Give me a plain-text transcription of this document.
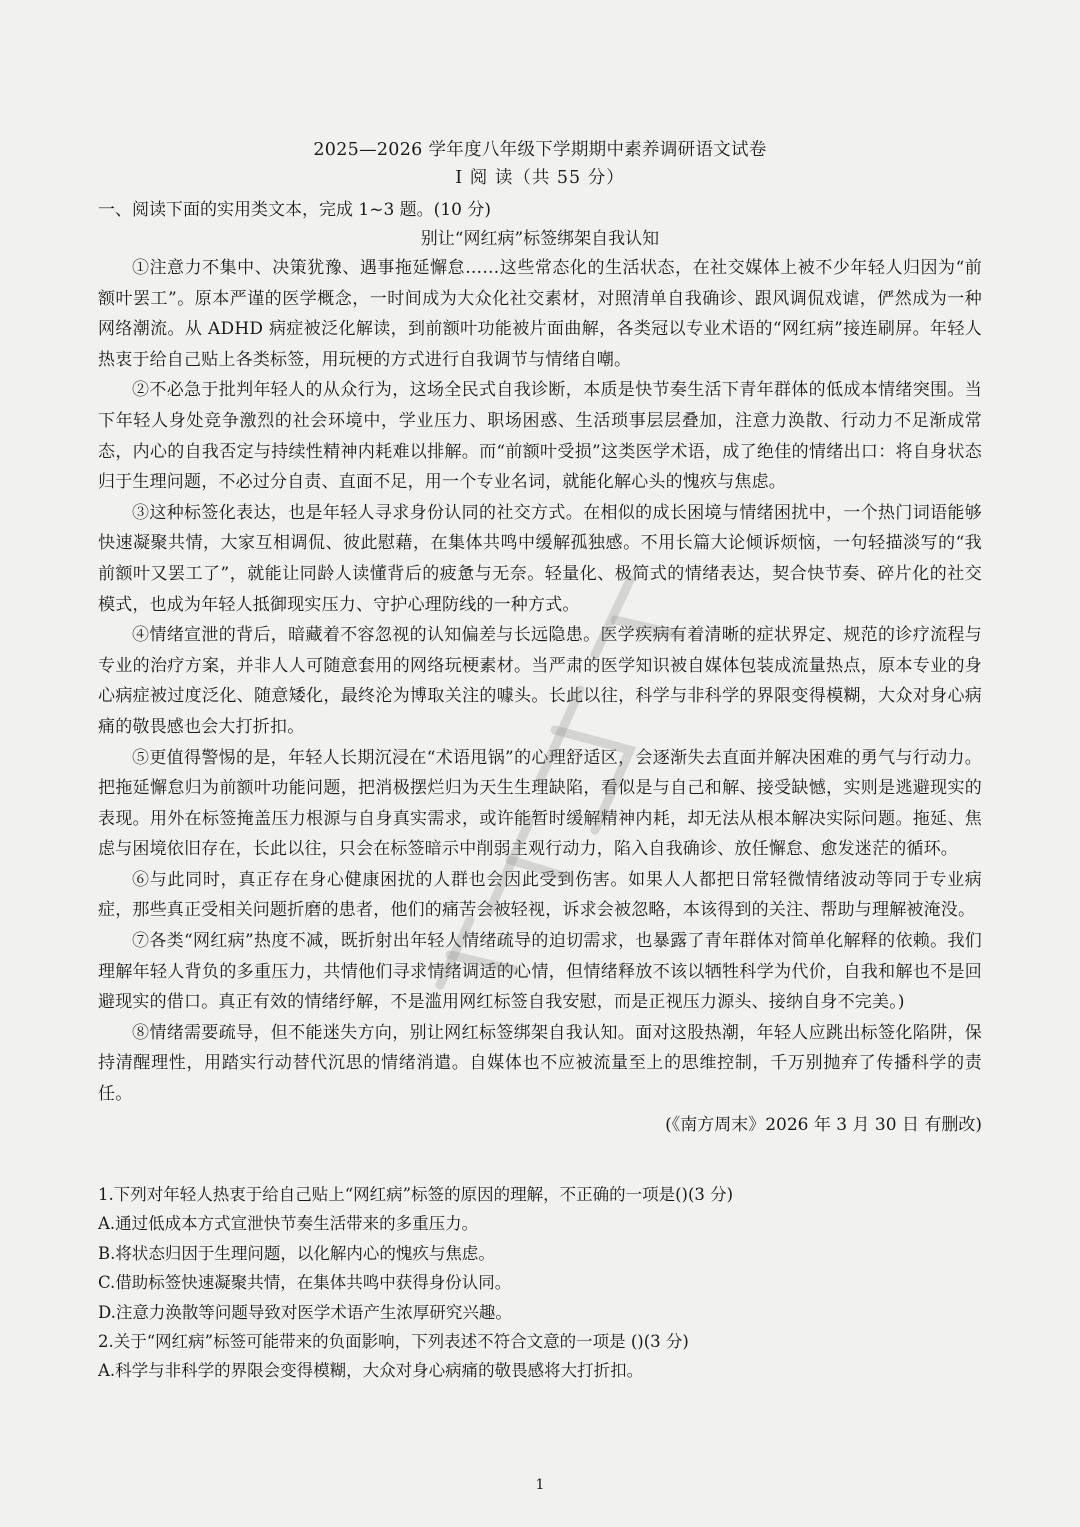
2025—2026 学年度八年级下学期期中素养调研语文试卷
Ⅰ 阅 读（共 55 分）
一、阅读下面的实用类文本，完成 1~3 题。(10 分)
别让“网红病”标签绑架自我认知

①注意力不集中、决策犹豫、遇事拖延懈怠……这些常态化的生活状态，在社交媒体上被不少年轻人归因为“前额叶罢工”。原本严谨的医学概念，一时间成为大众化社交素材，对照清单自我确诊、跟风调侃戏谑，俨然成为一种网络潮流。从 ADHD 病症被泛化解读，到前额叶功能被片面曲解，各类冠以专业术语的“网红病”接连刷屏。年轻人热衷于给自己贴上各类标签，用玩梗的方式进行自我调节与情绪自嘲。

②不必急于批判年轻人的从众行为，这场全民式自我诊断，本质是快节奏生活下青年群体的低成本情绪突围。当下年轻人身处竞争激烈的社会环境中，学业压力、职场困惑、生活琐事层层叠加，注意力涣散、行动力不足渐成常态，内心的自我否定与持续性精神内耗难以排解。而“前额叶受损”这类医学术语，成了绝佳的情绪出口：将自身状态归于生理问题，不必过分自责、直面不足，用一个专业名词，就能化解心头的愧疚与焦虑。

③这种标签化表达，也是年轻人寻求身份认同的社交方式。在相似的成长困境与情绪困扰中，一个热门词语能够快速凝聚共情，大家互相调侃、彼此慰藉，在集体共鸣中缓解孤独感。不用长篇大论倾诉烦恼，一句轻描淡写的“我前额叶又罢工了”，就能让同龄人读懂背后的疲惫与无奈。轻量化、极简式的情绪表达，契合快节奏、碎片化的社交模式，也成为年轻人抵御现实压力、守护心理防线的一种方式。

④情绪宣泄的背后，暗藏着不容忽视的认知偏差与长远隐患。医学疾病有着清晰的症状界定、规范的诊疗流程与专业的治疗方案，并非人人可随意套用的网络玩梗素材。当严肃的医学知识被自媒体包装成流量热点，原本专业的身心病症被过度泛化、随意矮化，最终沦为博取关注的噱头。长此以往，科学与非科学的界限变得模糊，大众对身心病痛的敬畏感也会大打折扣。

⑤更值得警惕的是，年轻人长期沉浸在“术语甩锅”的心理舒适区，会逐渐失去直面并解决困难的勇气与行动力。把拖延懈怠归为前额叶功能问题，把消极摆烂归为天生生理缺陷，看似是与自己和解、接受缺憾，实则是逃避现实的表现。用外在标签掩盖压力根源与自身真实需求，或许能暂时缓解精神内耗，却无法从根本解决实际问题。拖延、焦虑与困境依旧存在，长此以往，只会在标签暗示中削弱主观行动力，陷入自我确诊、放任懈怠、愈发迷茫的循环。

⑥与此同时，真正存在身心健康困扰的人群也会因此受到伤害。如果人人都把日常轻微情绪波动等同于专业病症，那些真正受相关问题折磨的患者，他们的痛苦会被轻视，诉求会被忽略，本该得到的关注、帮助与理解被淹没。

⑦各类“网红病”热度不减，既折射出年轻人情绪疏导的迫切需求，也暴露了青年群体对简单化解释的依赖。我们理解年轻人背负的多重压力，共情他们寻求情绪调适的心情，但情绪释放不该以牺牲科学为代价，自我和解也不是回避现实的借口。真正有效的情绪纾解，不是滥用网红标签自我安慰，而是正视压力源头、接纳自身不完美。)

⑧情绪需要疏导，但不能迷失方向，别让网红标签绑架自我认知。面对这股热潮，年轻人应跳出标签化陷阱，保持清醒理性，用踏实行动替代沉思的情绪消遣。自媒体也不应被流量至上的思维控制，千万别抛弃了传播科学的责任。

(《南方周末》2026 年 3 月 30 日 有删改)

1.下列对年轻人热衷于给自己贴上“网红病”标签的原因的理解，不正确的一项是()(3 分)

A.通过低成本方式宣泄快节奏生活带来的多重压力。

B.将状态归因于生理问题，以化解内心的愧疚与焦虑。

C.借助标签快速凝聚共情，在集体共鸣中获得身份认同。

D.注意力涣散等问题导致对医学术语产生浓厚研究兴趣。

2.关于“网红病”标签可能带来的负面影响，下列表述不符合文意的一项是 ()(3 分)

A.科学与非科学的界限会变得模糊，大众对身心病痛的敬畏感将大打折扣。

1
